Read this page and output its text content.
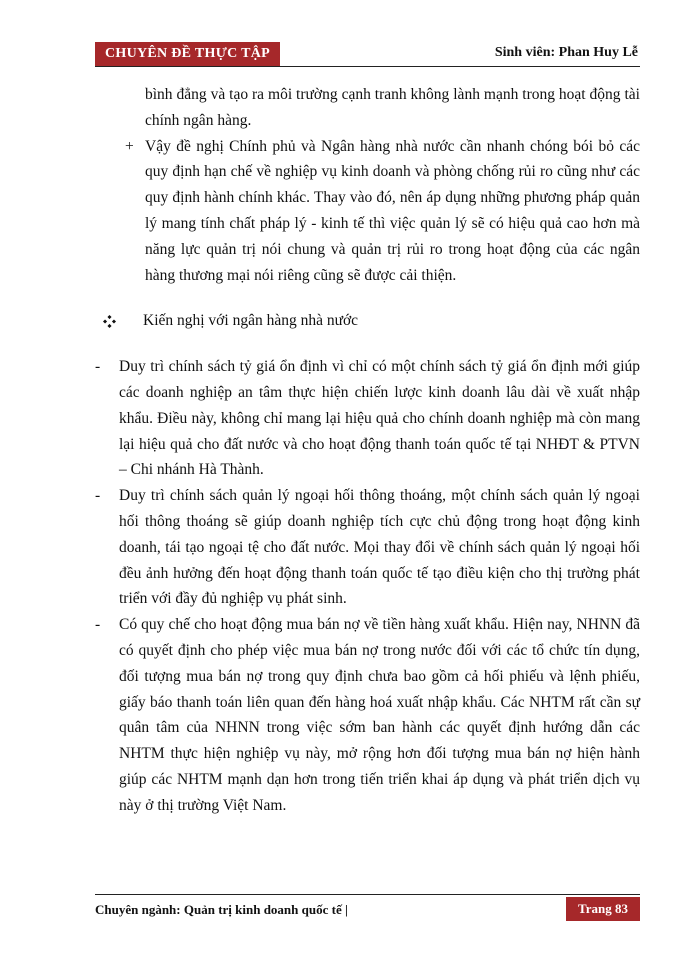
CHUYÊN ĐỀ THỰC TẬP	Sinh viên: Phan Huy Lễ
bình đẳng và tạo ra môi trường cạnh tranh không lành mạnh trong hoạt động tài chính ngân hàng.
+ Vậy đề nghị Chính phủ và Ngân hàng nhà nước cần nhanh chóng bói bỏ các quy định hạn chế về nghiệp vụ kinh doanh và phòng chống rủi ro cũng như các quy định hành chính khác. Thay vào đó, nên áp dụng những phương pháp quản lý mang tính chất pháp lý - kinh tế thì việc quản lý sẽ có hiệu quả cao hơn mà năng lực quản trị nói chung và quản trị rủi ro trong hoạt động của các ngân hàng thương mại nói riêng cũng sẽ được cải thiện.
Kiến nghị với ngân hàng nhà nước
- Duy trì chính sách tỷ giá ổn định vì chỉ có một chính sách tỷ giá ổn định mới giúp các doanh nghiệp an tâm thực hiện chiến lược kinh doanh lâu dài về xuất nhập khẩu. Điều này, không chỉ mang lại hiệu quả cho chính doanh nghiệp mà còn mang lại hiệu quả cho đất nước và cho hoạt động thanh toán quốc tế tại NHĐT & PTVN – Chi nhánh Hà Thành.
- Duy trì chính sách quản lý ngoại hối thông thoáng, một chính sách quản lý ngoại hối thông thoáng sẽ giúp doanh nghiệp tích cực chủ động trong hoạt động kinh doanh, tái tạo ngoại tệ cho đất nước. Mọi thay đổi về chính sách quản lý ngoại hối đều ảnh hưởng đến hoạt động thanh toán quốc tế tạo điều kiện cho thị trường phát triển với đầy đủ nghiệp vụ phát sinh.
- Có quy chế cho hoạt động mua bán nợ về tiền hàng xuất khẩu. Hiện nay, NHNN đã có quyết định cho phép việc mua bán nợ trong nước đối với các tổ chức tín dụng, đối tượng mua bán nợ trong quy định chưa bao gồm cả hối phiếu và lệnh phiếu, giấy báo thanh toán liên quan đến hàng hoá xuất nhập khẩu. Các NHTM rất cần sự quân tâm của NHNN trong việc sớm ban hành các quyết định hướng dẫn các NHTM thực hiện nghiệp vụ này, mở rộng hơn đối tượng mua bán nợ hiện hành giúp các NHTM mạnh dạn hơn trong tiến triển khai áp dụng và phát triển dịch vụ này ở thị trường Việt Nam.
Chuyên ngành: Quản trị kinh doanh quốc tế |	Trang 83
